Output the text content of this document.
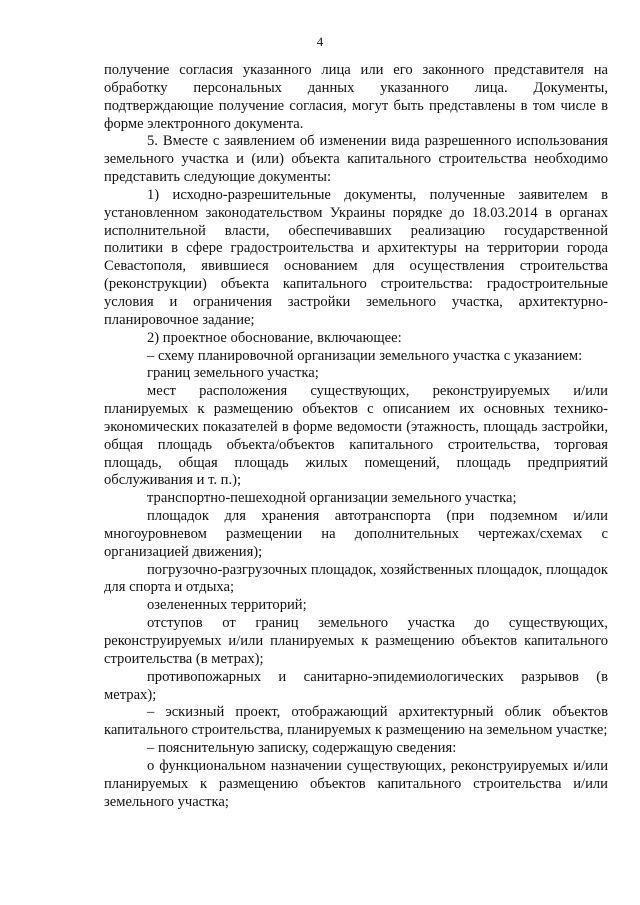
4

получение согласия указанного лица или его законного представителя на обработку персональных данных указанного лица. Документы, подтверждающие получение согласия, могут быть представлены в том числе в форме электронного документа.

5. Вместе с заявлением об изменении вида разрешенного использования земельного участка и (или) объекта капитального строительства необходимо представить следующие документы:

1) исходно-разрешительные документы, полученные заявителем в установленном законодательством Украины порядке до 18.03.2014 в органах исполнительной власти, обеспечивавших реализацию государственной политики в сфере градостроительства и архитектуры на территории города Севастополя, явившиеся основанием для осуществления строительства (реконструкции) объекта капитального строительства: градостроительные условия и ограничения застройки земельного участка, архитектурно-планировочное задание;

2) проектное обоснование, включающее:

– схему планировочной организации земельного участка с указанием:

границ земельного участка;

мест расположения существующих, реконструируемых и/или планируемых к размещению объектов с описанием их основных технико-экономических показателей в форме ведомости (этажность, площадь застройки, общая площадь объекта/объектов капитального строительства, торговая площадь, общая площадь жилых помещений, площадь предприятий обслуживания и т. п.);

транспортно-пешеходной организации земельного участка;

площадок для хранения автотранспорта (при подземном и/или многоуровневом размещении на дополнительных чертежах/схемах с организацией движения);

погрузочно-разгрузочных площадок, хозяйственных площадок, площадок для спорта и отдыха;

озелененных территорий;

отступов от границ земельного участка до существующих, реконструируемых и/или планируемых к размещению объектов капитального строительства (в метрах);

противопожарных и санитарно-эпидемиологических разрывов (в метрах);

– эскизный проект, отображающий архитектурный облик объектов капитального строительства, планируемых к размещению на земельном участке;

– пояснительную записку, содержащую сведения:

о функциональном назначении существующих, реконструируемых и/или планируемых к размещению объектов капитального строительства и/или земельного участка;
